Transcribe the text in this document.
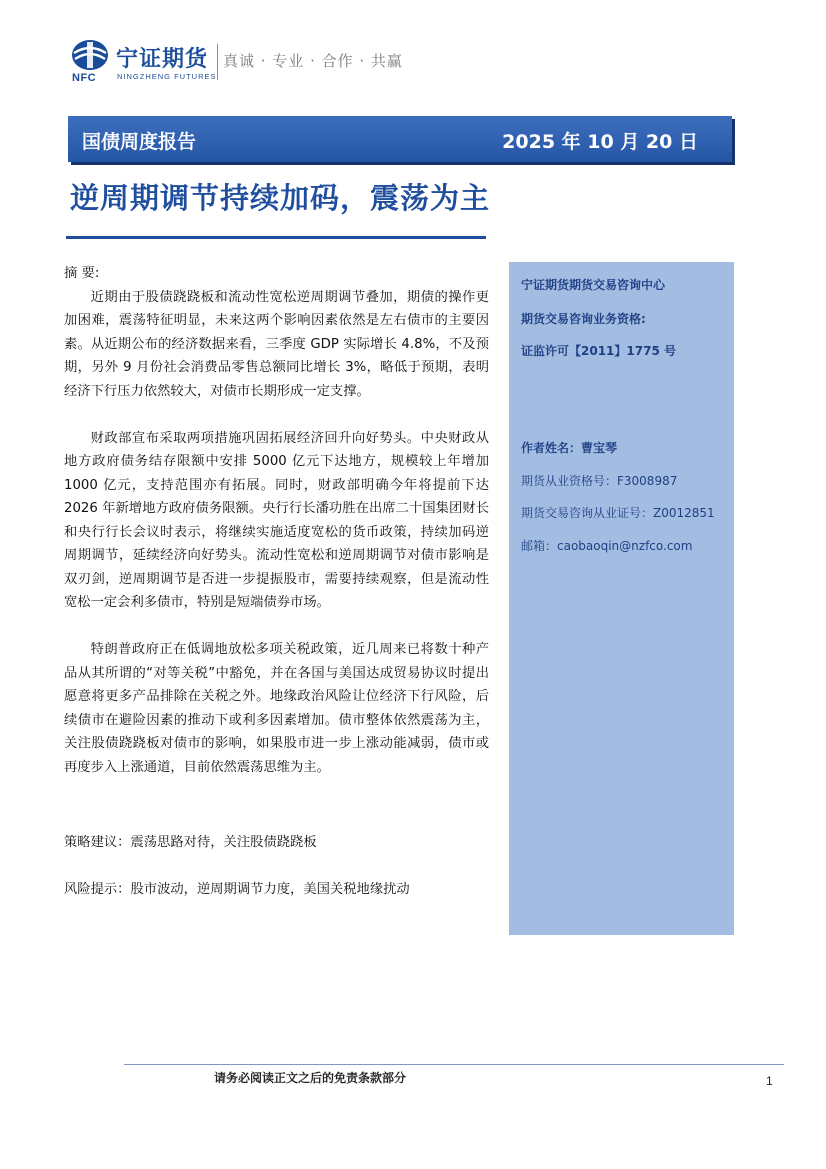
NFC
宁证期货
NINGZHENG FUTURES
真诚 · 专业 · 合作 · 共赢
国债周度报告	2025 年 10 月 20 日
逆周期调节持续加码，震荡为主

摘 要:

近期由于股债跷跷板和流动性宽松逆周期调节叠加，期债的操作更加困难，震荡特征明显，未来这两个影响因素依然是左右债市的主要因素。从近期公布的经济数据来看，三季度 GDP 实际增长 4.8%，不及预期，另外 9 月份社会消费品零售总额同比增长 3%，略低于预期，表明经济下行压力依然较大，对债市长期形成一定支撑。

财政部宣布采取两项措施巩固拓展经济回升向好势头。中央财政从地方政府债务结存限额中安排 5000 亿元下达地方，规模较上年增加 1000 亿元，支持范围亦有拓展。同时，财政部明确今年将提前下达 2026 年新增地方政府债务限额。央行行长潘功胜在出席二十国集团财长和央行行长会议时表示，将继续实施适度宽松的货币政策，持续加码逆周期调节，延续经济向好势头。流动性宽松和逆周期调节对债市影响是双刃剑，逆周期调节是否进一步提振股市，需要持续观察，但是流动性宽松一定会利多债市，特别是短端债券市场。

特朗普政府正在低调地放松多项关税政策，近几周来已将数十种产品从其所谓的“对等关税”中豁免，并在各国与美国达成贸易协议时提出愿意将更多产品排除在关税之外。地缘政治风险让位经济下行风险，后续债市在避险因素的推动下或利多因素增加。债市整体依然震荡为主，关注股债跷跷板对债市的影响，如果股市进一步上涨动能减弱，债市或再度步入上涨通道，目前依然震荡思维为主。

策略建议：震荡思路对待，关注股债跷跷板

风险提示：股市波动，逆周期调节力度，美国关税地缘扰动

宁证期货期货交易咨询中心
期货交易咨询业务资格:
证监许可【2011】1775 号
作者姓名：曹宝琴
期货从业资格号：F3008987
期货交易咨询从业证号：Z0012851
邮箱：caobaoqin@nzfco.com
请务必阅读正文之后的免责条款部分	1
